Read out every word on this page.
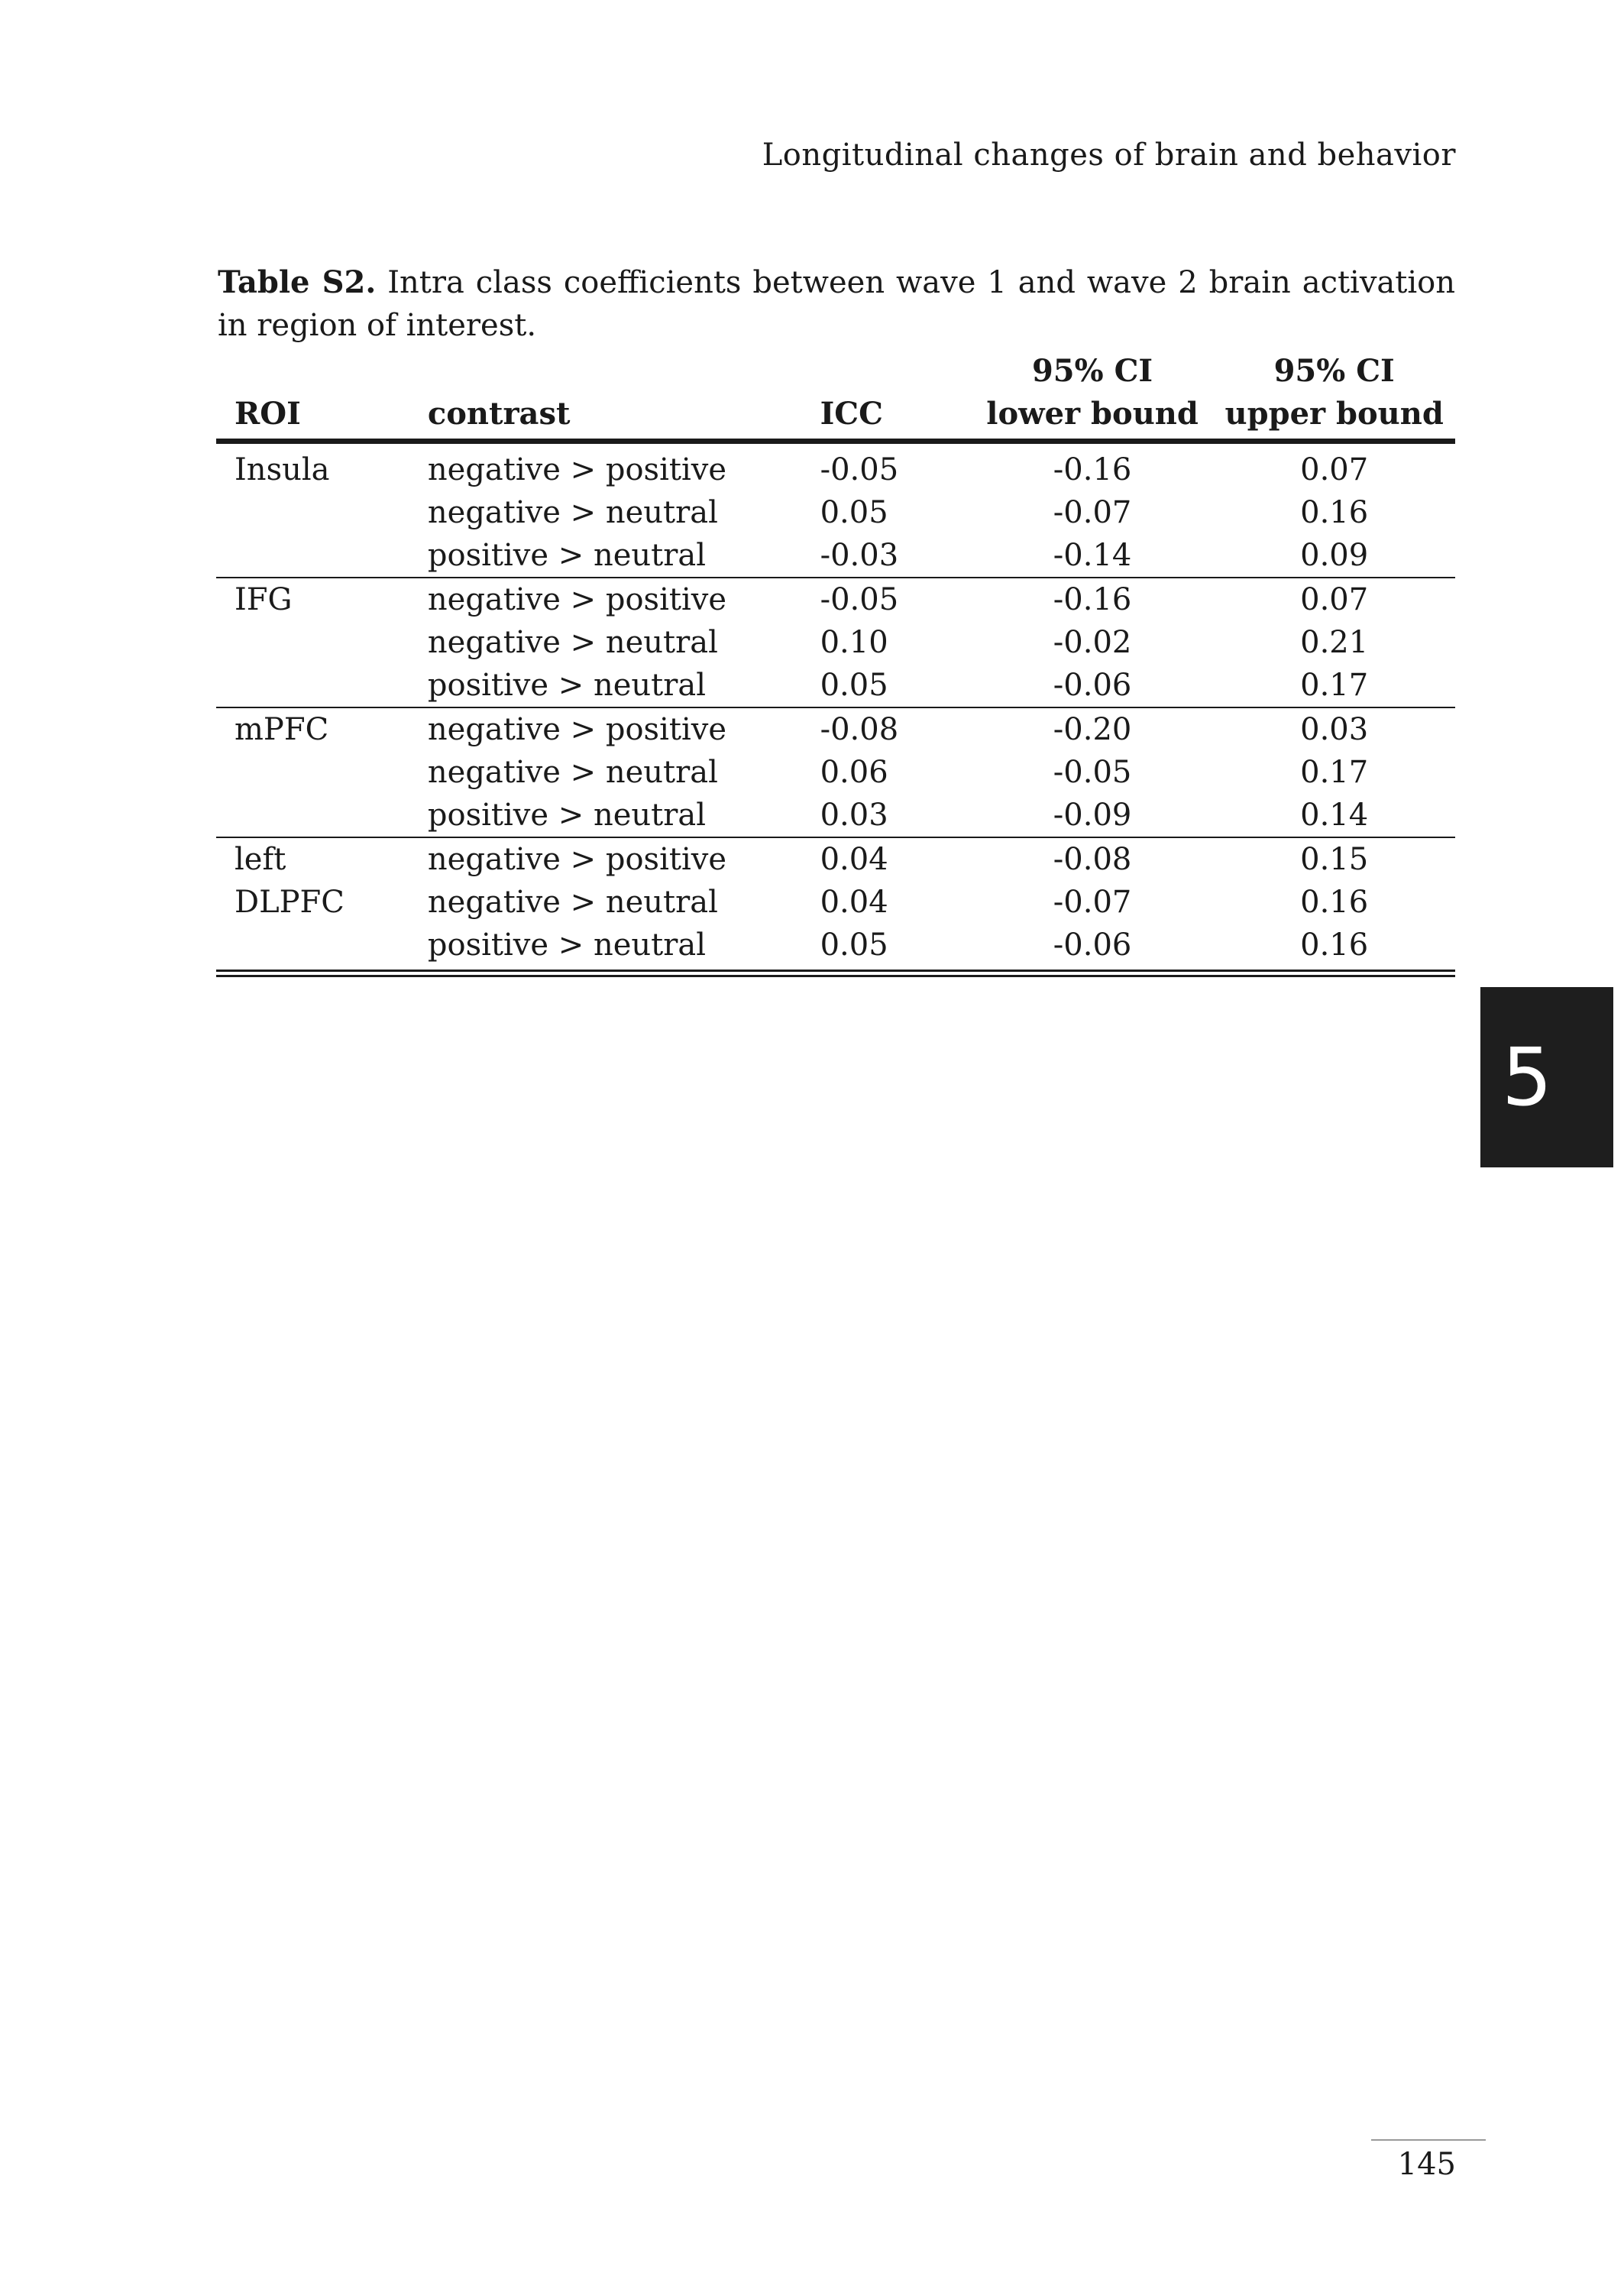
Longitudinal changes of brain and behavior
Table S2. Intra class coefficients between wave 1 and wave 2 brain activation in region of interest.
			95% CI	95% CI
ROI	contrast	ICC	lower bound	upper bound
Insula	negative > positive	-0.05	-0.16	0.07
	negative > neutral	0.05	-0.07	0.16
	positive > neutral	-0.03	-0.14	0.09
IFG	negative > positive	-0.05	-0.16	0.07
	negative > neutral	0.10	-0.02	0.21
	positive > neutral	0.05	-0.06	0.17
mPFC	negative > positive	-0.08	-0.20	0.03
	negative > neutral	0.06	-0.05	0.17
	positive > neutral	0.03	-0.09	0.14
left	negative > positive	0.04	-0.08	0.15
DLPFC	negative > neutral	0.04	-0.07	0.16
	positive > neutral	0.05	-0.06	0.16
5
145
